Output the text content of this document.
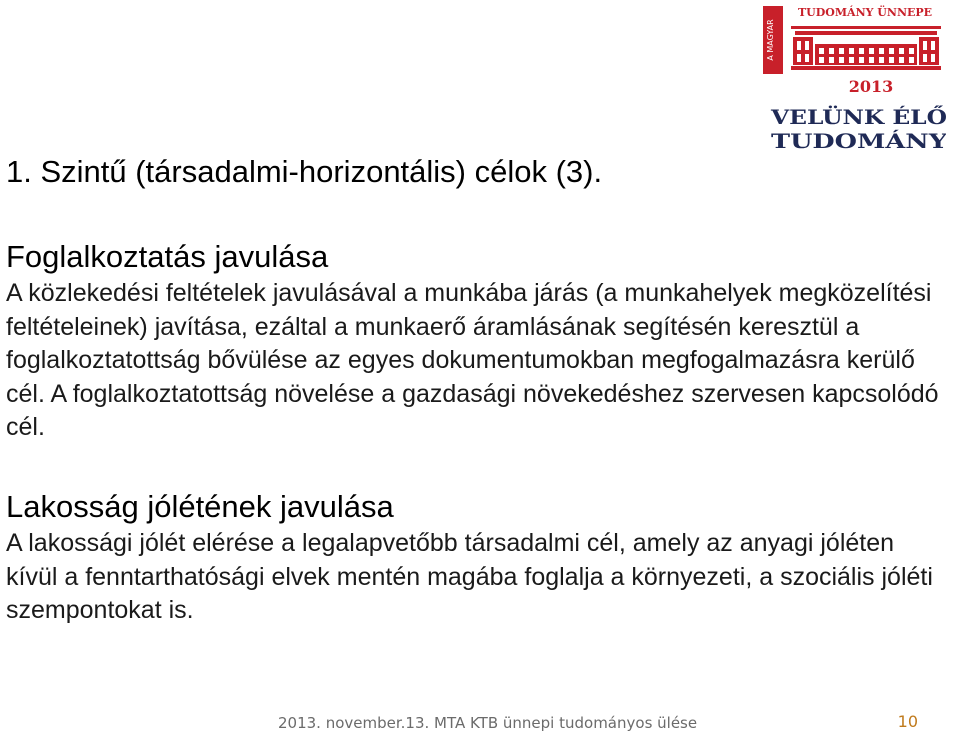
A MAGYAR
TUDOMÁNY ÜNNEPE
2013
VELÜNK ÉLŐ
TUDOMÁNY
1. Szintű (társadalmi-horizontális) célok (3).
Foglalkoztatás javulása

A közlekedési feltételek javulásával a munkába járás (a munkahelyek megközelítési feltételeinek) javítása, ezáltal a munkaerő áramlásának segítésén keresztül a foglalkoztatottság bővülése az egyes dokumentumokban megfogalmazásra kerülő cél. A foglalkoztatottság növelése a gazdasági növekedéshez szervesen kapcsolódó cél.

Lakosság jólétének javulása

A lakossági jólét elérése a legalapvetőbb társadalmi cél, amely az anyagi jóléten kívül a fenntarthatósági elvek mentén magába foglalja a környezeti, a szociális jóléti szempontokat is.

2013. november.13. MTA KTB ünnepi tudományos ülése	10
